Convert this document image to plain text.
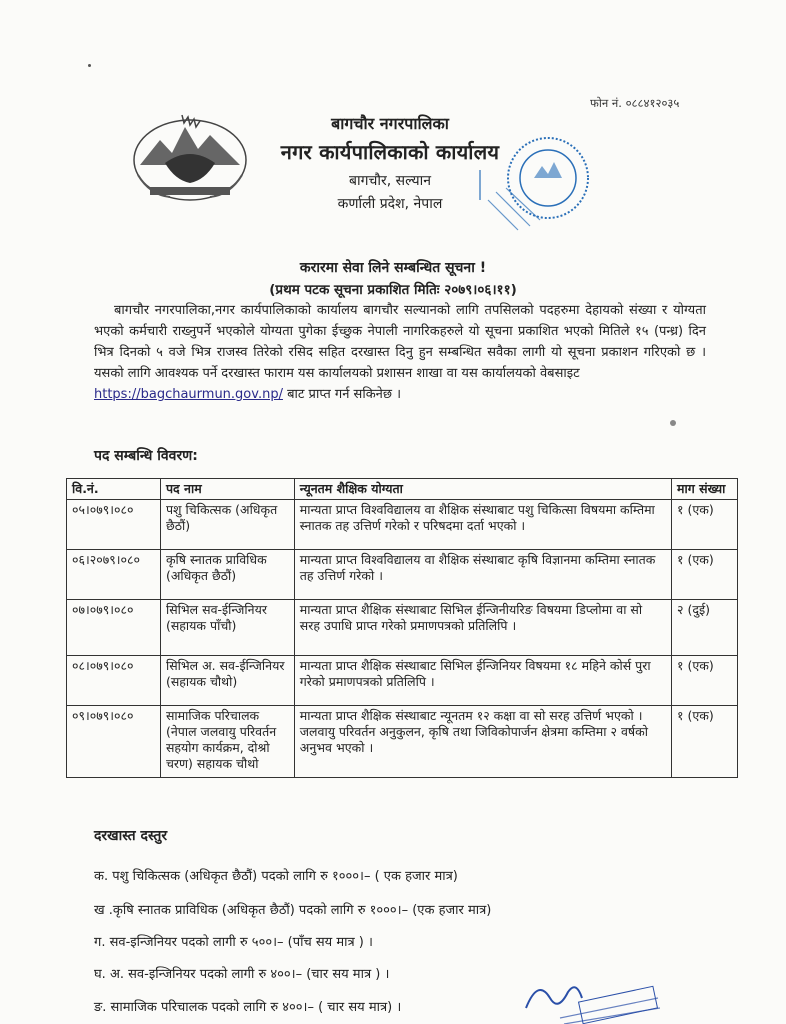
फोन नं. ०८८४१२०३५
बागचौर नगरपालिका
नगर कार्यपालिकाको कार्यालय
बागचौर, सल्यान
कर्णाली प्रदेश, नेपाल
करारमा सेवा लिने सम्बन्धित सूचना !
(प्रथम पटक सूचना प्रकाशित मितिः २०७९।०६।११)
बागचौर नगरपालिका,नगर कार्यपालिकाको कार्यालय बागचौर सल्यानको लागि तपसिलको पदहरुमा देहायको संख्या र योग्यता भएको कर्मचारी राख्नुपर्ने भएकोले योग्यता पुगेका ईच्छुक नेपाली नागरिकहरुले यो सूचना प्रकाशित भएको मितिले १५ (पन्ध्र) दिन भित्र दिनको ५ वजे भित्र राजस्व तिरेको रसिद सहित दरखास्त दिनु हुन सम्बन्धित सवैका लागी यो सूचना प्रकाशन गरिएको छ । यसको लागि आवश्यक पर्ने दरखास्त फाराम यस कार्यालयको प्रशासन शाखा वा यस कार्यालयको वेबसाइट
https://bagchaurmun.gov.np/ बाट प्राप्त गर्न सकिनेछ ।
पद सम्बन्धि विवरण:
वि.नं.	पद नाम	न्यूनतम शैक्षिक योग्यता	माग संख्या
०५।०७९।०८०	पशु चिकित्सक (अधिकृत छैठौं)	मान्यता प्राप्त विश्वविद्यालय वा शैक्षिक संस्थाबाट पशु चिकित्सा विषयमा कम्तिमा स्नातक तह उत्तिर्ण गरेको र परिषदमा दर्ता भएको ।	१ (एक)
०६।२०७९।०८०	कृषि स्नातक प्राविधिक (अधिकृत छैठौं)	मान्यता प्राप्त विश्वविद्यालय वा शैक्षिक संस्थाबाट कृषि विज्ञानमा कम्तिमा स्नातक तह उत्तिर्ण गरेको ।	१ (एक)
०७।०७९।०८०	सिभिल सव-ईन्जिनियर (सहायक पाँचौ)	मान्यता प्राप्त शैक्षिक संस्थाबाट सिभिल ईन्जिनीयरिङ विषयमा डिप्लोमा वा सो सरह उपाधि प्राप्त गरेको प्रमाणपत्रको प्रतिलिपि ।	२ (दुई)
०८।०७९।०८०	सिभिल अ. सव-ईन्जिनियर (सहायक चौथो)	मान्यता प्राप्त शैक्षिक संस्थाबाट सिभिल ईन्जिनियर विषयमा १८ महिने कोर्स पुरा गरेको प्रमाणपत्रको प्रतिलिपि ।	१ (एक)
०९।०७९।०८०	सामाजिक परिचालक (नेपाल जलवायु परिवर्तन सहयोग कार्यक्रम, दोश्रो चरण) सहायक चौथो	मान्यता प्राप्त शैक्षिक संस्थाबाट न्यूनतम १२ कक्षा वा सो सरह उत्तिर्ण भएको । जलवायु परिवर्तन अनुकुलन, कृषि तथा जिविकोपार्जन क्षेत्रमा कम्तिमा २ वर्षको अनुभव भएको ।	१ (एक)
दरखास्त दस्तुर
क. पशु चिकित्सक (अधिकृत छैठौं) पदको लागि रु १०००।– ( एक हजार मात्र)
ख .कृषि स्नातक प्राविधिक (अधिकृत छैठौं) पदको लागि रु १०००।– (एक हजार मात्र)
ग. सव-इन्जिनियर पदको लागी रु ५००।– (पाँच सय मात्र ) ।
घ. अ. सव-इन्जिनियर पदको लागी रु ४००।– (चार सय मात्र ) ।
ङ. सामाजिक परिचालक पदको लागि रु ४००।– ( चार सय मात्र) ।
